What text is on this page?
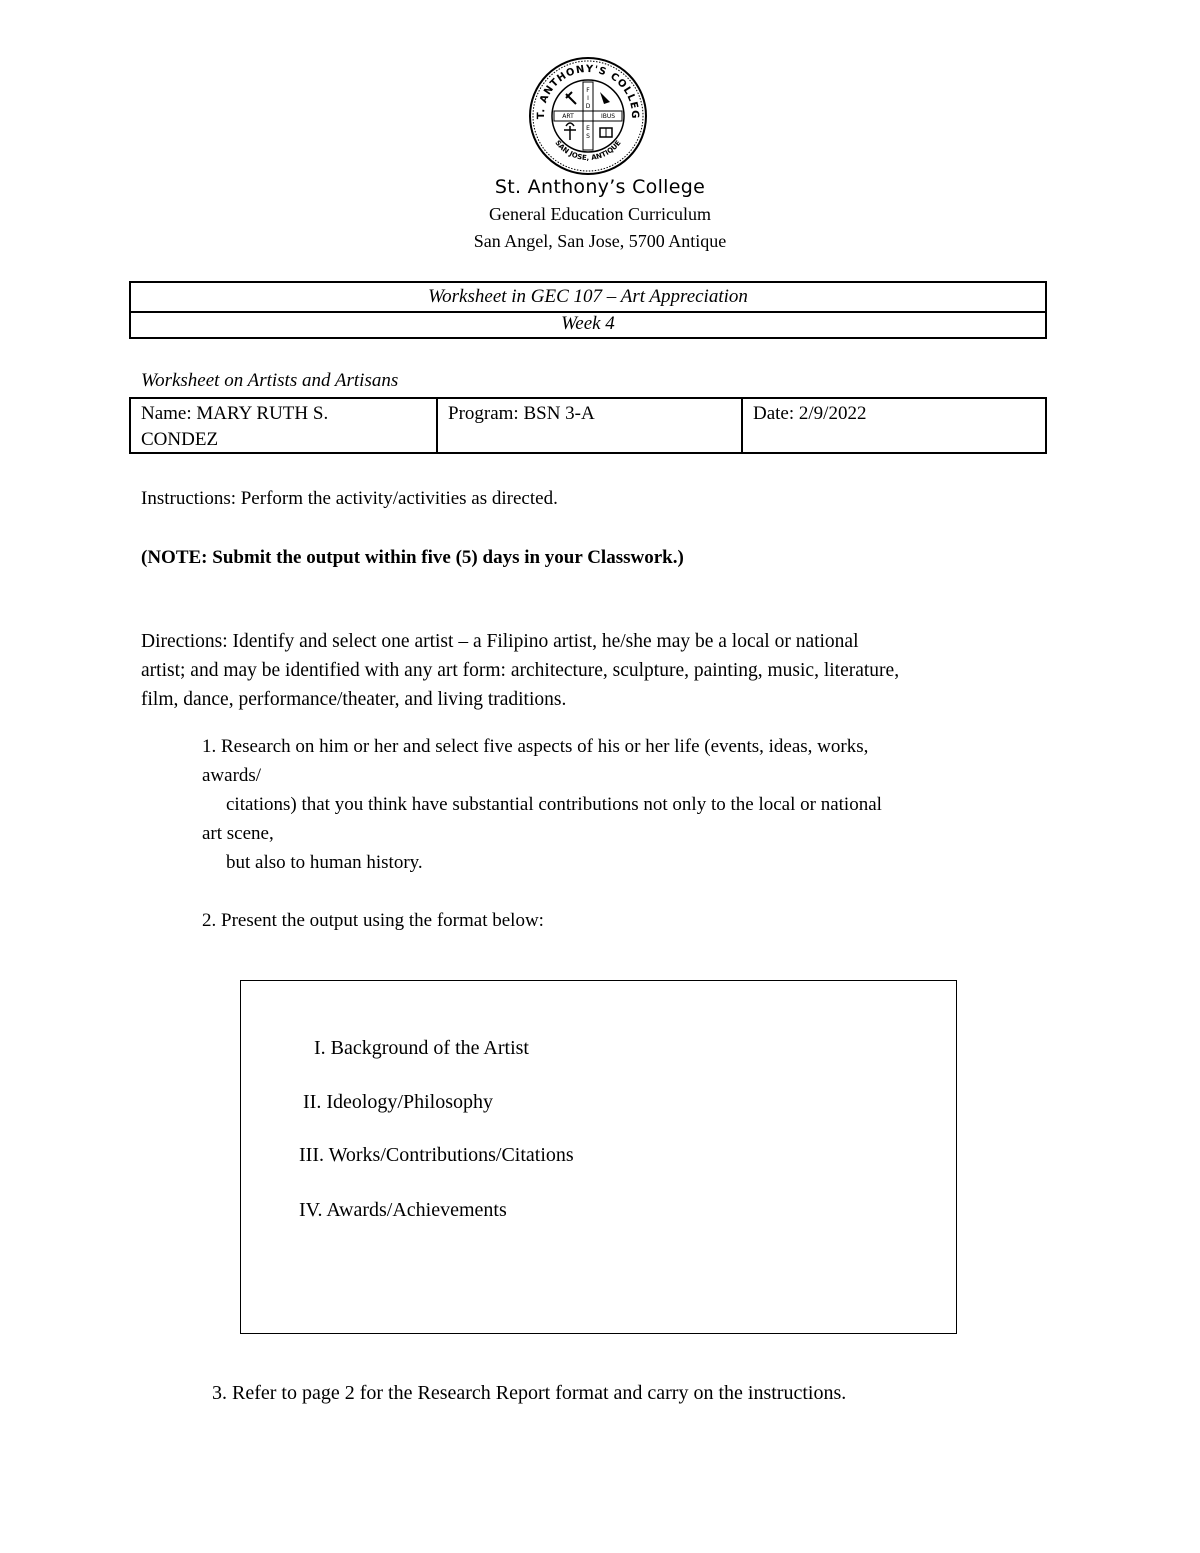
T. ANTHONY'S COLLEG
SAN JOSE, ANTIQUE
F
I
D
E
S
ART	IBUS
St. Anthony’s College
General Education Curriculum
San Angel, San Jose, 5700 Antique
Worksheet in GEC 107 – Art Appreciation
Week 4
Worksheet on Artists and Artisans
Name: MARY RUTH S. CONDEZ
Program: BSN 3-A	Date: 2/9/2022
Instructions: Perform the activity/activities as directed.
(NOTE: Submit the output within five (5) days in your Classwork.)
Directions: Identify and select one artist – a Filipino artist, he/she may be a local or national
artist; and may be identified with any art form: architecture, sculpture, painting, music, literature,
film, dance, performance/theater, and living traditions.
1. Research on him or her and select five aspects of his or her life (events, ideas, works,
awards/
citations) that you think have substantial contributions not only to the local or national
art scene,
but also to human history.
2. Present the output using the format below:
I. Background of the Artist
II. Ideology/Philosophy
III. Works/Contributions/Citations
IV. Awards/Achievements
3. Refer to page 2 for the Research Report format and carry on the instructions.
